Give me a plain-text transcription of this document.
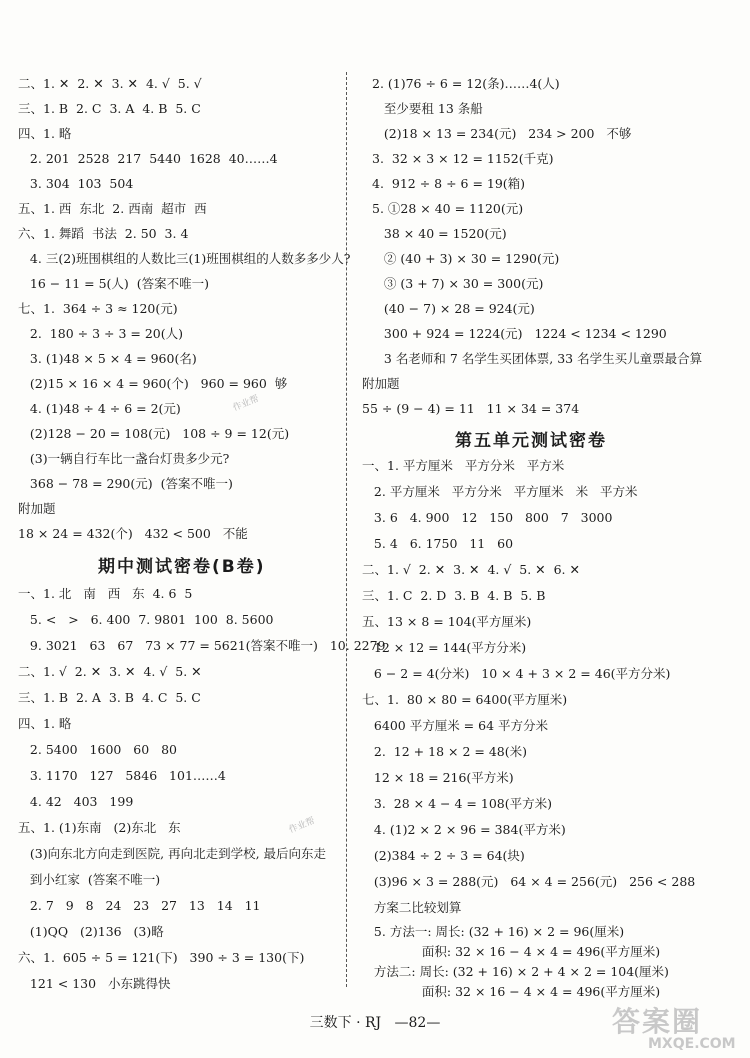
二、1. ✕  2. ✕  3. ✕  4. √  5. √
三、1. B  2. C  3. A  4. B  5. C
四、1. 略
2. 201  2528  217  5440  1628  40……4
3. 304  103  504
五、1. 西  东北  2. 西南  超市  西
六、1. 舞蹈  书法  2. 50  3. 4
4. 三(2)班围棋组的人数比三(1)班围棋组的人数多多少人?
16 − 11 = 5(人)  (答案不唯一)
七、1.  364 ÷ 3 ≈ 120(元)
2.  180 ÷ 3 ÷ 3 = 20(人)
3. (1)48 × 5 × 4 = 960(名)
(2)15 × 16 × 4 = 960(个)   960 = 960  够
4. (1)48 ÷ 4 ÷ 6 = 2(元)
(2)128 − 20 = 108(元)   108 ÷ 9 = 12(元)
(3)一辆自行车比一盏台灯贵多少元?
368 − 78 = 290(元)  (答案不唯一)
附加题
18 × 24 = 432(个)   432 < 500   不能
期中测试密卷(B卷)
一、1. 北   南   西   东  4. 6  5
5. <   >   6. 400  7. 9801  100  8. 5600
9. 3021   63   67   73 × 77 = 5621(答案不唯一)   10. 2279
二、1. √  2. ✕  3. ✕  4. √  5. ✕
三、1. B  2. A  3. B  4. C  5. C
四、1. 略
2. 5400   1600   60   80
3. 1170   127   5846   101……4
4. 42   403   199
五、1. (1)东南   (2)东北   东
(3)向东北方向走到医院, 再向北走到学校, 最后向东走
到小红家  (答案不唯一)
2. 7   9   8   24   23   27   13   14   11
(1)QQ   (2)136   (3)略
六、1.  605 ÷ 5 = 121(下)   390 ÷ 3 = 130(下)
121 < 130   小东跳得快
2. (1)76 ÷ 6 = 12(条)……4(人)
至少要租 13 条船
(2)18 × 13 = 234(元)   234 > 200   不够
3.  32 × 3 × 12 = 1152(千克)
4.  912 ÷ 8 ÷ 6 = 19(箱)
5. ①28 × 40 = 1120(元)
38 × 40 = 1520(元)
② (40 + 3) × 30 = 1290(元)
③ (3 + 7) × 30 = 300(元)
(40 − 7) × 28 = 924(元)
300 + 924 = 1224(元)   1224 < 1234 < 1290
3 名老师和 7 名学生买团体票, 33 名学生买儿童票最合算
附加题
55 ÷ (9 − 4) = 11   11 × 34 = 374
第五单元测试密卷
一、1. 平方厘米   平方分米   平方米
2. 平方厘米   平方分米   平方厘米   米   平方米
3. 6   4. 900   12   150   800   7   3000
5. 4   6. 1750   11   60
二、1. √  2. ✕  3. ✕  4. √  5. ✕  6. ✕
三、1. C  2. D  3. B  4. B  5. B
五、13 × 8 = 104(平方厘米)
12 × 12 = 144(平方分米)
6 − 2 = 4(分米)   10 × 4 + 3 × 2 = 46(平方分米)
七、1.  80 × 80 = 6400(平方厘米)
6400 平方厘米 = 64 平方分米
2.  12 + 18 × 2 = 48(米)
12 × 18 = 216(平方米)
3.  28 × 4 − 4 = 108(平方米)
4. (1)2 × 2 × 96 = 384(平方米)
(2)384 ÷ 2 ÷ 3 = 64(块)
(3)96 × 3 = 288(元)   64 × 4 = 256(元)   256 < 288
方案二比较划算
5. 方法一: 周长: (32 + 16) × 2 = 96(厘米)
面积: 32 × 16 − 4 × 4 = 496(平方厘米)
方法二: 周长: (32 + 16) × 2 + 4 × 2 = 104(厘米)
面积: 32 × 16 − 4 × 4 = 496(平方厘米)
作业帮
作业帮
三数下 · RJ   —82—	答案圈
MXQE.COM
